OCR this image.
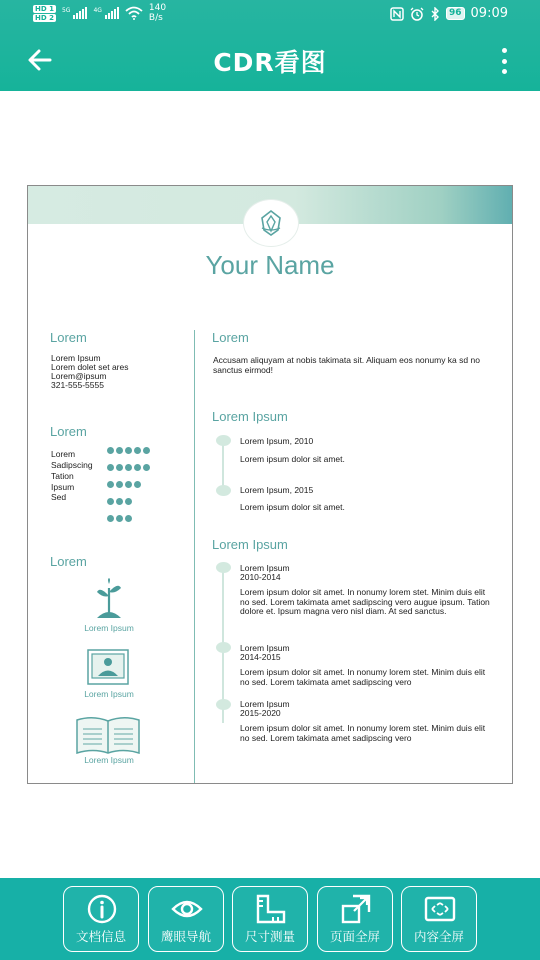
HD 1
HD 2
5G	4G	140
B/s	96 09:09
CDR看图
Your Name
Lorem
Lorem Ipsum
Lorem dolet set ares
Lorem@ipsum
321-555-5555
Lorem
Lorem
Sadipscing
Tation
Ipsum
Sed
Lorem
Lorem Ipsum
Lorem Ipsum
Lorem Ipsum
Lorem
Accusam aliquyam at nobis takimata sit. Aliquam eos nonumy ka sd no sanctus eirmod!
Lorem Ipsum
Lorem Ipsum, 2010
Lorem ipsum dolor sit amet.
Lorem Ipsum, 2015
Lorem ipsum dolor sit amet.
Lorem Ipsum
Lorem Ipsum
2010-2014
Lorem ipsum dolor sit amet. In nonumy lorem stet. Minim duis elit no sed. Lorem takimata amet sadipscing vero augue ipsum. Tation dolore et. Ipsum magna vero nisl diam. At sed sanctus.
Lorem Ipsum
2014-2015
Lorem ipsum dolor sit amet. In nonumy lorem stet. Minim duis elit no sed. Lorem takimata amet sadipscing vero
Lorem Ipsum
2015-2020
Lorem ipsum dolor sit amet. In nonumy lorem stet. Minim duis elit no sed. Lorem takimata amet sadipscing vero
文档信息	鹰眼导航	尺寸测量	页面全屏	内容全屏
